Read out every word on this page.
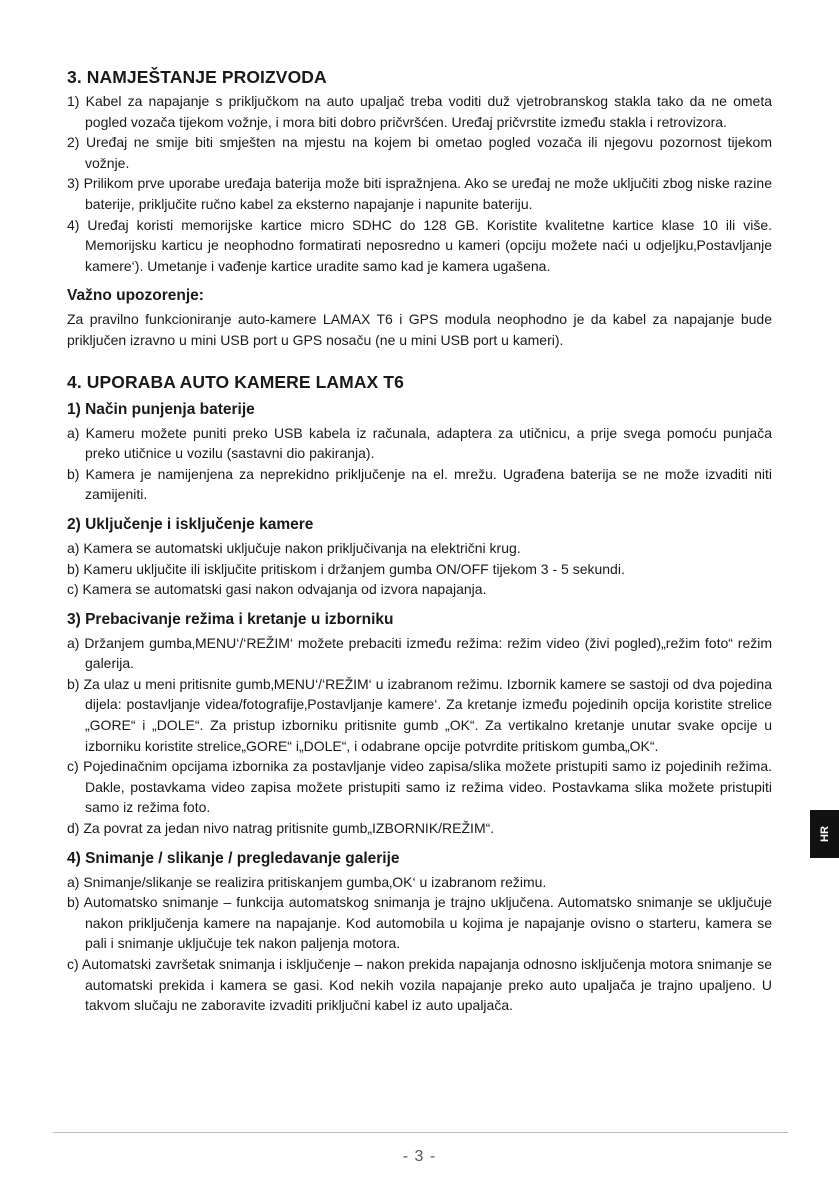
3. NAMJEŠTANJE PROIZVODA
1) Kabel za napajanje s priključkom na auto upaljač treba voditi duž vjetrobranskog stakla tako da ne ometa pogled vozača tijekom vožnje, i mora biti dobro pričvršćen. Uređaj pričvrstite između stakla i retrovizora.
2) Uređaj ne smije biti smješten na mjestu na kojem bi ometao pogled vozača ili njegovu pozornost tijekom vožnje.
3) Prilikom prve uporabe uređaja baterija može biti ispražnjena. Ako se uređaj ne može uključiti zbog niske razine baterije, priključite ručno kabel za eksterno napajanje i napunite bateriju.
4) Uređaj koristi memorijske kartice micro SDHC do 128 GB. Koristite kvalitetne kartice klase 10 ili više. Memorijsku karticu je neophodno formatirati neposredno u kameri (opciju možete naći u odjeljku‚Postavljanje kamere‘). Umetanje i vađenje kartice uradite samo kad je kamera ugašena.
Važno upozorenje:

Za pravilno funkcioniranje auto-kamere LAMAX T6 i GPS modula neophodno je da kabel za napajanje bude priključen izravno u mini USB port u GPS nosaču (ne u mini USB port u kameri).

4. UPORABA AUTO KAMERE LAMAX T6
1) Način punjenja baterije
a) Kameru možete puniti preko USB kabela iz računala, adaptera za utičnicu, a prije svega pomoću punjača preko utičnice u vozilu (sastavni dio pakiranja).
b) Kamera je namijenjena za neprekidno priključenje na el. mrežu. Ugrađena baterija se ne može izvaditi niti zamijeniti.
2) Uključenje i isključenje kamere
a) Kamera se automatski uključuje nakon priključivanja na električni krug.
b) Kameru uključite ili isključite pritiskom i držanjem gumba ON/OFF tijekom 3 - 5 sekundi.
c) Kamera se automatski gasi nakon odvajanja od izvora napajanja.
3) Prebacivanje režima i kretanje u izborniku
a) Držanjem gumba‚MENU‘/‘REŽIM‘ možete prebaciti između režima: režim video (živi pogled)„režim foto“ režim galerija.
b) Za ulaz u meni pritisnite gumb‚MENU‘/‘REŽIM‘ u izabranom režimu. Izbornik kamere se sastoji od dva pojedina dijela: postavljanje videa/fotografije‚Postavljanje kamere‘. Za kretanje između pojedinih opcija koristite strelice „GORE“ i „DOLE“. Za pristup izborniku pritisnite gumb „OK“. Za vertikalno kretanje unutar svake opcije u izborniku koristite strelice„GORE“ i„DOLE“, i odabrane opcije potvrdite pritiskom gumba„OK“.
c) Pojedinačnim opcijama izbornika za postavljanje video zapisa/slika možete pristupiti samo iz pojedinih režima. Dakle, postavkama video zapisa možete pristupiti samo iz režima video. Postavkama slika možete pristupiti samo iz režima foto.
d) Za povrat za jedan nivo natrag pritisnite gumb„IZBORNIK/REŽIM“.
4) Snimanje / slikanje / pregledavanje galerije
a) Snimanje/slikanje se realizira pritiskanjem gumba‚OK‘ u izabranom režimu.
b) Automatsko snimanje – funkcija automatskog snimanja je trajno uključena. Automatsko snimanje se uključuje nakon priključenja kamere na napajanje. Kod automobila u kojima je napajanje ovisno o starteru, kamera se pali i snimanje uključuje tek nakon paljenja motora.
c) Automatski završetak snimanja i isključenje – nakon prekida napajanja odnosno isključenja motora snimanje se automatski prekida i kamera se gasi. Kod nekih vozila napajanje preko auto upaljača je trajno upaljeno. U takvom slučaju ne zaboravite izvaditi priključni kabel iz auto upaljača.
HR
- 3 -
